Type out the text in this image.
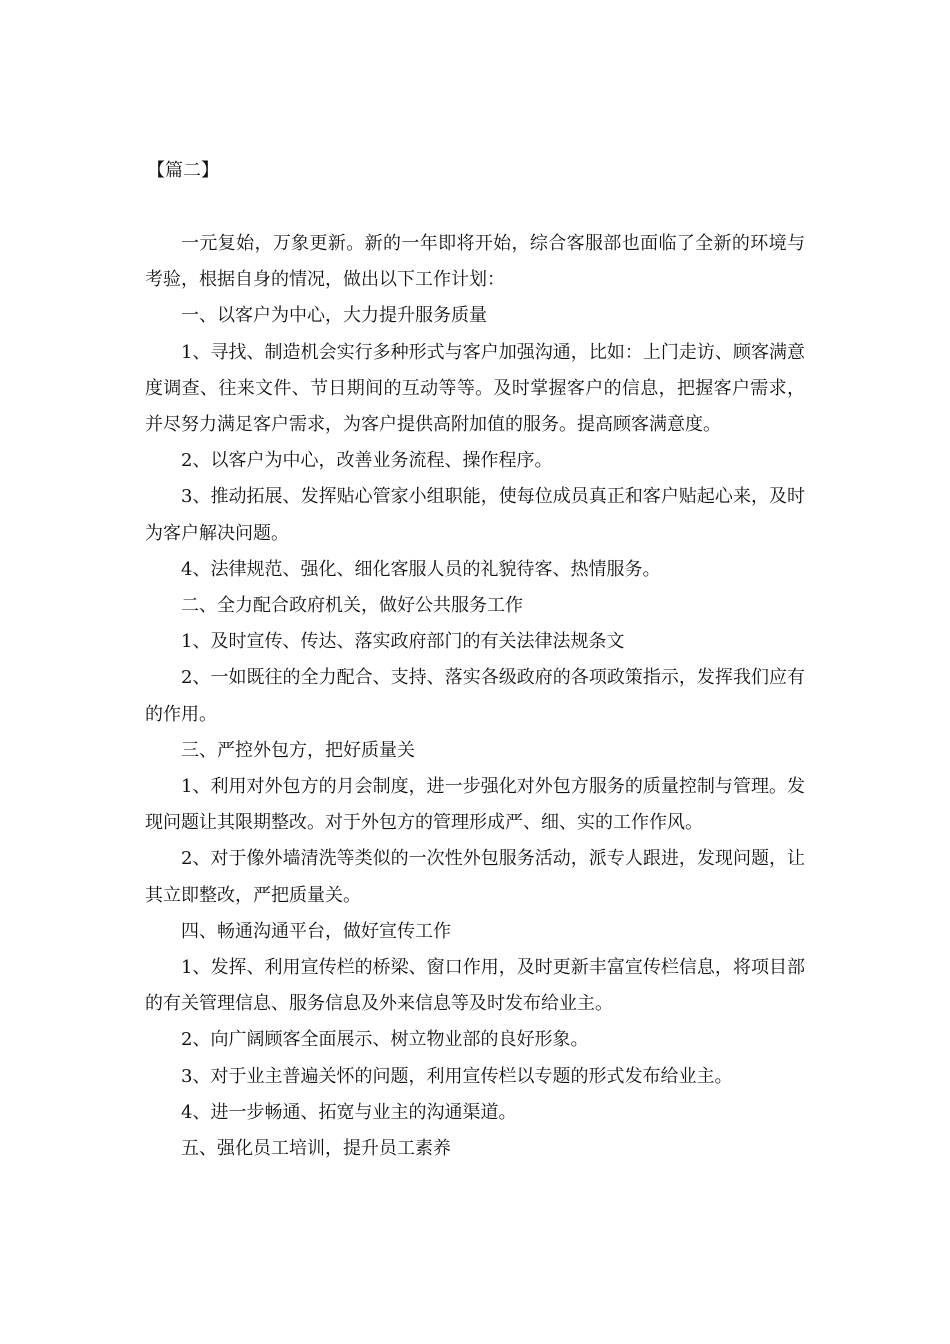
【篇二】

一元复始，万象更新。新的一年即将开始，综合客服部也面临了全新的环境与考验，根据自身的情况，做出以下工作计划：

一、以客户为中心，大力提升服务质量

1、寻找、制造机会实行多种形式与客户加强沟通，比如：上门走访、顾客满意度调查、往来文件、节日期间的互动等等。及时掌握客户的信息，把握客户需求，并尽努力满足客户需求，为客户提供高附加值的服务。提高顾客满意度。

2、以客户为中心，改善业务流程、操作程序。

3、推动拓展、发挥贴心管家小组职能，使每位成员真正和客户贴起心来，及时为客户解决问题。

4、法律规范、强化、细化客服人员的礼貌待客、热情服务。

二、全力配合政府机关，做好公共服务工作

1、及时宣传、传达、落实政府部门的有关法律法规条文

2、一如既往的全力配合、支持、落实各级政府的各项政策指示，发挥我们应有的作用。

三、严控外包方，把好质量关

1、利用对外包方的月会制度，进一步强化对外包方服务的质量控制与管理。发现问题让其限期整改。对于外包方的管理形成严、细、实的工作作风。

2、对于像外墙清洗等类似的一次性外包服务活动，派专人跟进，发现问题，让其立即整改，严把质量关。

四、畅通沟通平台，做好宣传工作

1、发挥、利用宣传栏的桥梁、窗口作用，及时更新丰富宣传栏信息，将项目部的有关管理信息、服务信息及外来信息等及时发布给业主。

2、向广阔顾客全面展示、树立物业部的良好形象。

3、对于业主普遍关怀的问题，利用宣传栏以专题的形式发布给业主。

4、进一步畅通、拓宽与业主的沟通渠道。

五、强化员工培训，提升员工素养
